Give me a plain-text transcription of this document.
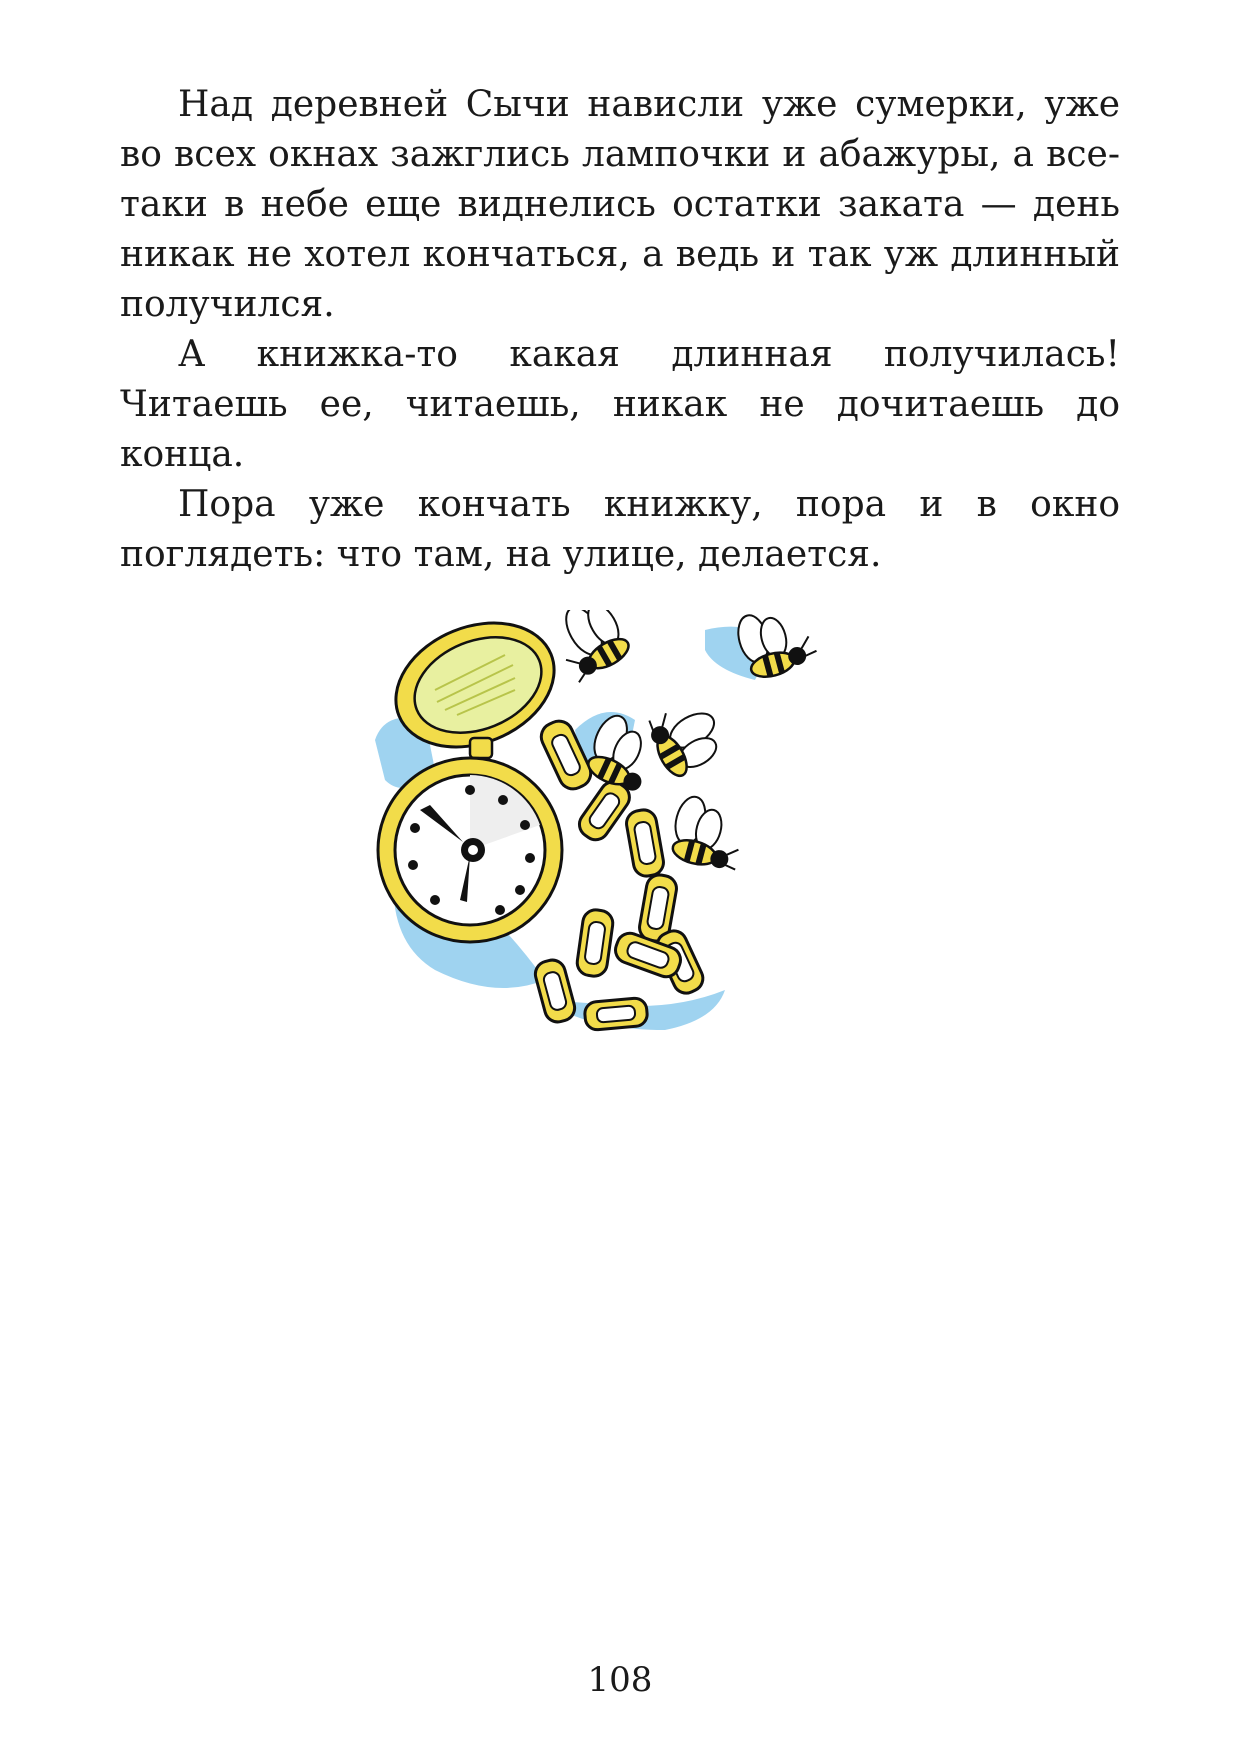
Над деревней Сычи нависли уже сумерки, уже во всех окнах зажглись лампочки и абажуры, а все-таки в небе еще виднелись остатки заката — день никак не хотел кончаться, а ведь и так уж длинный получился.

А книжка-то какая длинная получилась! Читаешь ее, читаешь, никак не дочитаешь до конца.

Пора уже кончать книжку, пора и в окно поглядеть: что там, на улице, делается.

108
